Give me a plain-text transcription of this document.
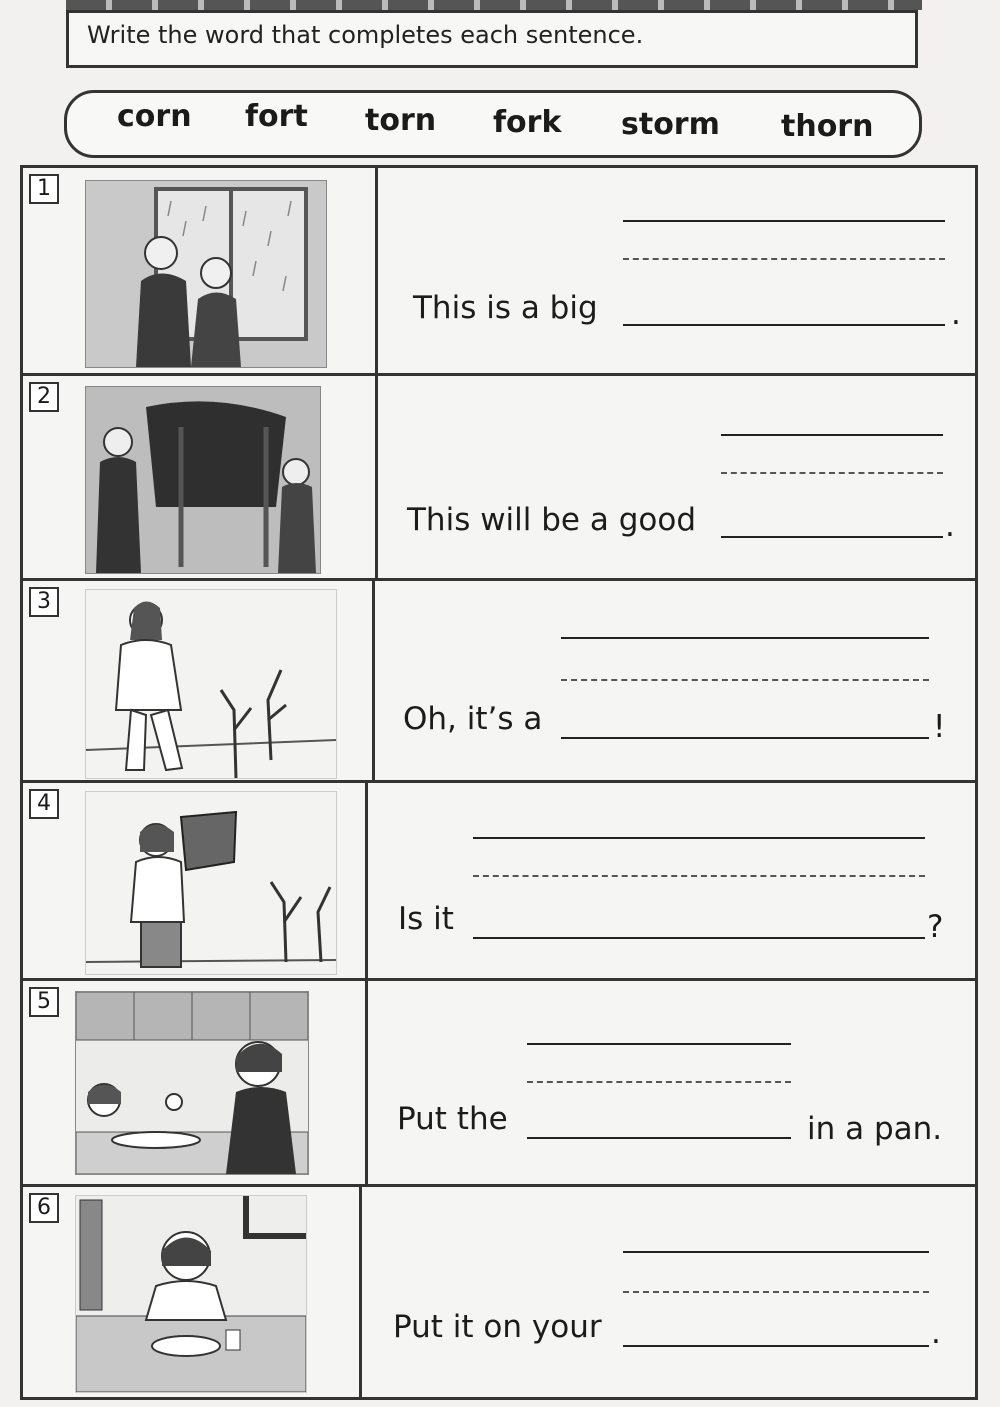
Write the word that completes each sentence.
corn fort torn fork storm thorn
1
This is a big	.
2
This will be a good	.
3
Oh, it’s a	!
4
Is it	?
5
Put the	in a pan.
6
Put it on your	.
